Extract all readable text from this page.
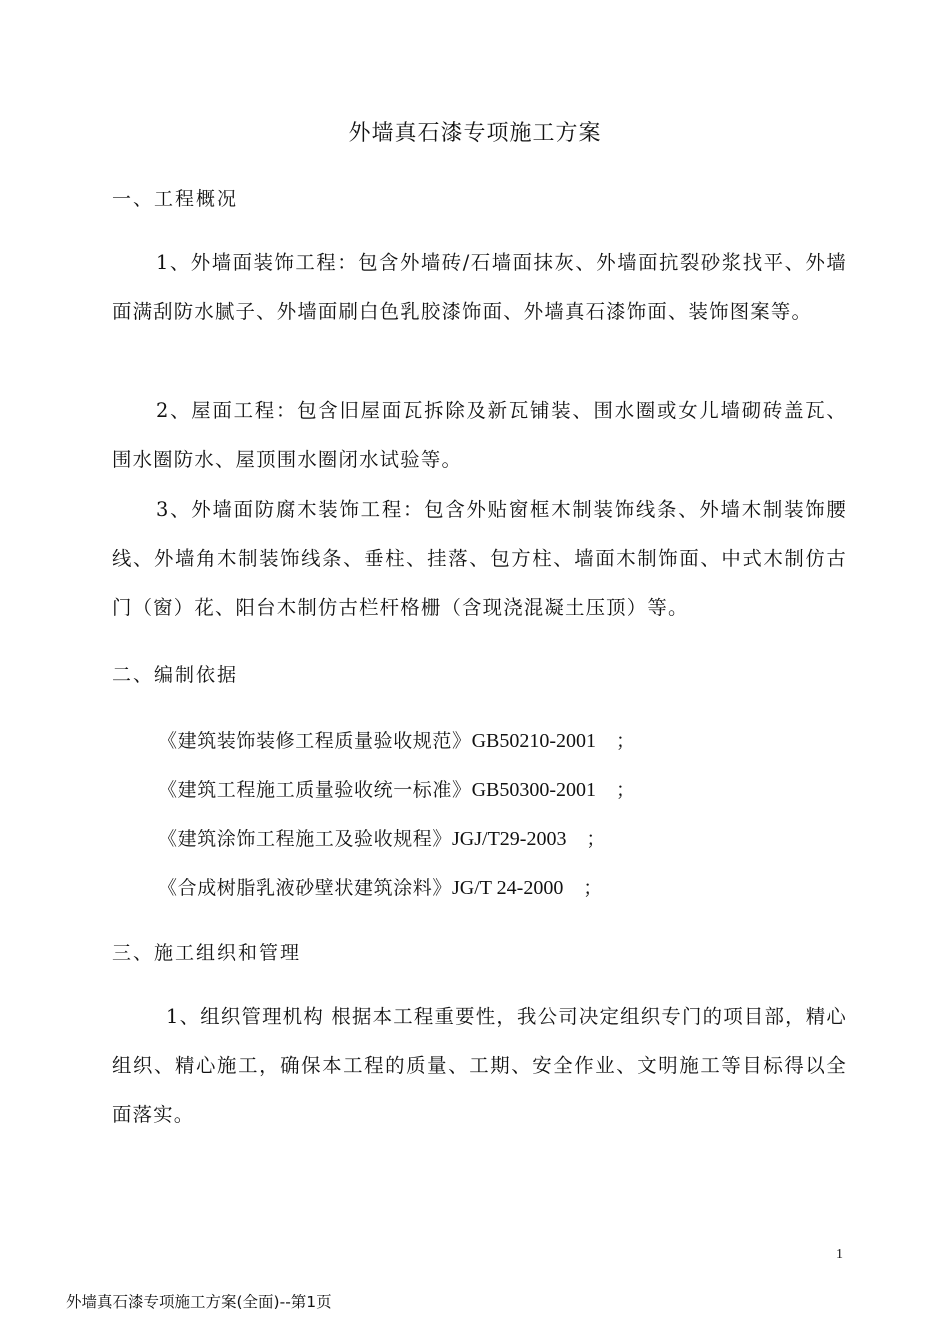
外墙真石漆专项施工方案
一、工程概况
1、外墙面装饰工程：包含外墙砖/石墙面抹灰、外墙面抗裂砂浆找平、外墙面满刮防水腻子、外墙面刷白色乳胶漆饰面、外墙真石漆饰面、装饰图案等。
2、屋面工程：包含旧屋面瓦拆除及新瓦铺装、围水圈或女儿墙砌砖盖瓦、围水圈防水、屋顶围水圈闭水试验等。
3、外墙面防腐木装饰工程：包含外贴窗框木制装饰线条、外墙木制装饰腰线、外墙角木制装饰线条、垂柱、挂落、包方柱、墙面木制饰面、中式木制仿古门（窗）花、阳台木制仿古栏杆格栅（含现浇混凝土压顶）等。
二、编制依据
《建筑装饰装修工程质量验收规范》GB50210-2001   ；
《建筑工程施工质量验收统一标准》GB50300-2001   ；
《建筑涂饰工程施工及验收规程》JGJ/T29-2003   ；
《合成树脂乳液砂壁状建筑涂料》JG/T 24-2000   ；
三、施工组织和管理
1、组织管理机构 根据本工程重要性，我公司决定组织专门的项目部，精心组织、精心施工，确保本工程的质量、工期、安全作业、文明施工等目标得以全面落实。
1
外墙真石漆专项施工方案(全面)--第1页
